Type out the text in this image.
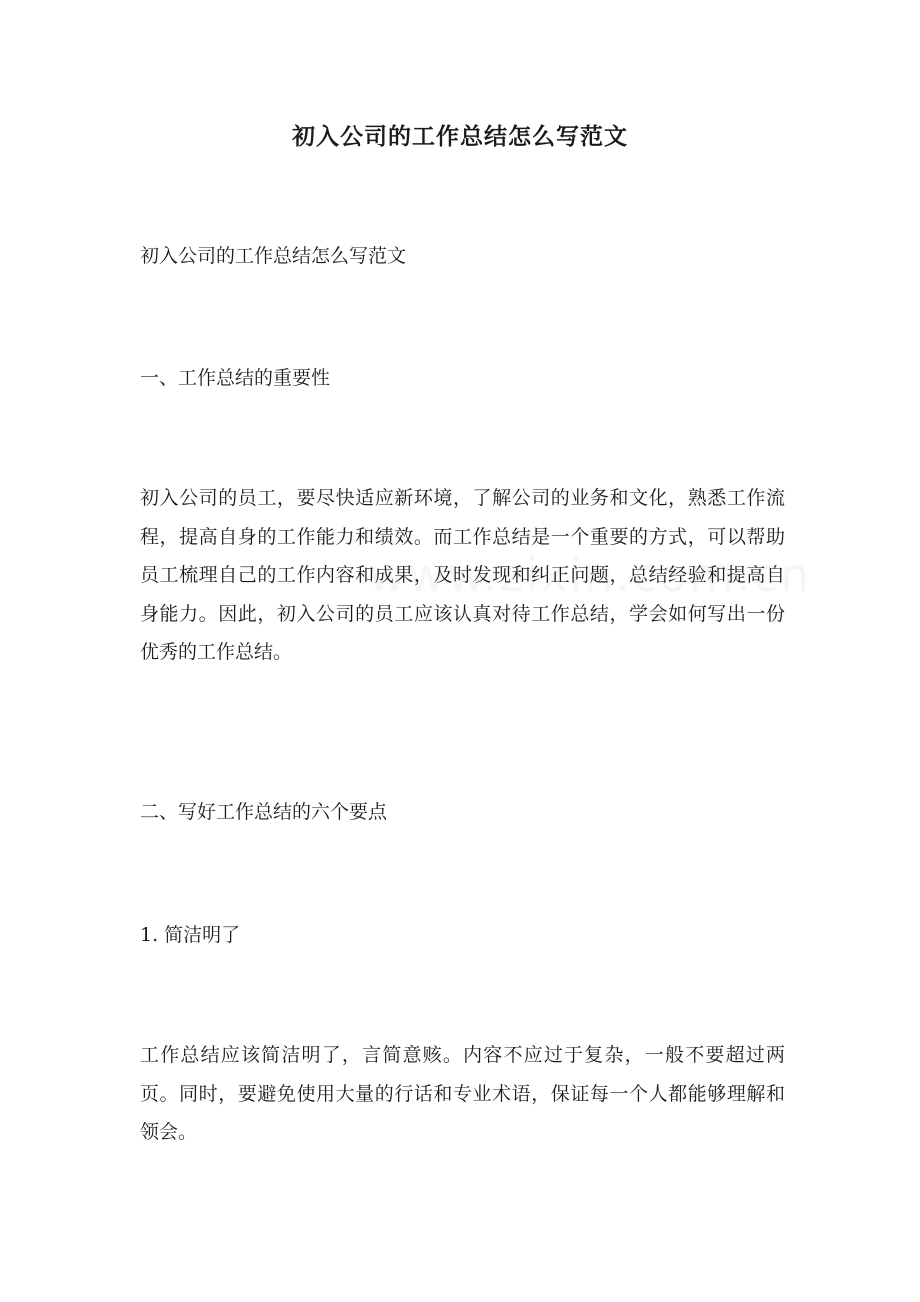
初入公司的工作总结怎么写范文
初入公司的工作总结怎么写范文
一、工作总结的重要性
初入公司的员工，要尽快适应新环境，了解公司的业务和文化，熟悉工作流程，提高自身的工作能力和绩效。而工作总结是一个重要的方式，可以帮助员工梳理自己的工作内容和成果，及时发现和纠正问题，总结经验和提高自身能力。因此，初入公司的员工应该认真对待工作总结，学会如何写出一份优秀的工作总结。
二、写好工作总结的六个要点
1. 简洁明了
工作总结应该简洁明了，言简意赅。内容不应过于复杂，一般不要超过两页。同时，要避免使用大量的行话和专业术语，保证每一个人都能够理解和领会。
